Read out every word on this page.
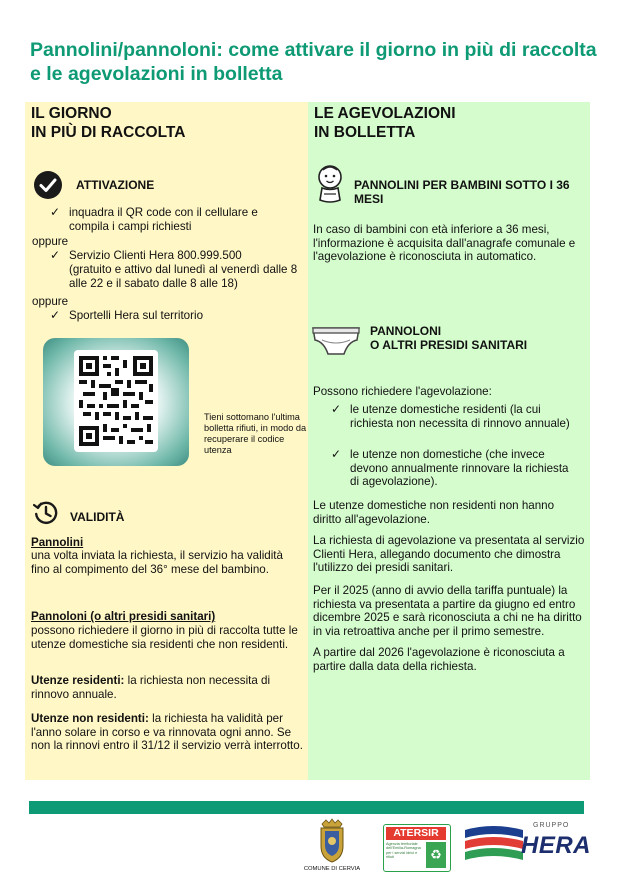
Pannolini/pannoloni: come attivare il giorno in più di raccolta e le agevolazioni in bolletta
IL GIORNO
IN PIÙ DI RACCOLTA
ATTIVAZIONE
✓ inquadra il QR code con il cellulare e compila i campi richiesti
oppure
✓ Servizio Clienti Hera 800.999.500
(gratuito e attivo dal lunedì al venerdì dalle 8 alle 22 e il sabato dalle 8 alle 18)
oppure
✓ Sportelli Hera sul territorio
Tieni sottomano l'ultima bolletta rifiuti, in modo da recuperare il codice utenza
VALIDITÀ
Pannolini
una volta inviata la richiesta, il servizio ha validità fino al compimento del 36° mese del bambino.
Pannoloni (o altri presidi sanitari)
possono richiedere il giorno in più di raccolta tutte le utenze domestiche sia residenti che non residenti.
Utenze residenti: la richiesta non necessita di rinnovo annuale.
Utenze non residenti: la richiesta ha validità per l'anno solare in corso e va rinnovata ogni anno. Se non la rinnovi entro il 31/12 il servizio verrà interrotto.
LE AGEVOLAZIONI
IN BOLLETTA
PANNOLINI PER BAMBINI SOTTO I 36 MESI
In caso di bambini con età inferiore a 36 mesi, l'informazione è acquisita dall'anagrafe comunale e l'agevolazione è riconosciuta in automatico.
PANNOLONI
O ALTRI PRESIDI SANITARI
Possono richiedere l'agevolazione:
✓ le utenze domestiche residenti (la cui richiesta non necessita di rinnovo annuale)
✓ le utenze non domestiche (che invece devono annualmente rinnovare la richiesta di agevolazione).
Le utenze domestiche non residenti non hanno diritto all'agevolazione.
La richiesta di agevolazione va presentata al servizio Clienti Hera, allegando documento che dimostra l'utilizzo dei presidi sanitari.
Per il 2025 (anno di avvio della tariffa puntuale) la richiesta va presentata a partire da giugno ed entro dicembre 2025 e sarà riconosciuta a chi ne ha diritto in via retroattiva anche per il primo semestre.
A partire dal 2026 l'agevolazione è riconosciuta a partire dalla data della richiesta.
COMUNE DI CERVIA
ATERSIR
Agenzia territoriale dell'Emilia-Romagna per i servizi idrici e rifiuti	♻
GRUPPO
HERA
